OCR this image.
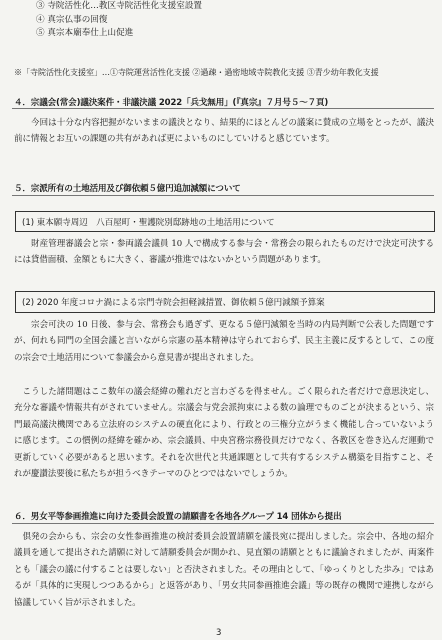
③ 寺院活性化…教区寺院活性化支援室設置
④ 真宗仏事の回復
⑤ 真宗本廟奉仕上山促進
※「寺院活性化支援室」…①寺院運営活性化支援 ②過疎・過密地域寺院教化支援 ③青少幼年教化支援
４．宗議会(常会)議決案件・非議決議 2022「兵戈無用」(『真宗』７月号５～７頁)
今回は十分な内容把握がないままの議決となり、結果的にほとんどの議案に賛成の立場をとったが、議決前に情報とお互いの課題の共有があれば更によいものにしていけると感じています。
５．宗派所有の土地活用及び御依頼５億円追加減額について
(1) 東本願寺周辺　八百屋町・聖護院別邸跡地の土地活用について
財産管理審議会と宗・参両議会議員 10 人で構成する参与会・常務会の限られたものだけで決定可決するには貸借面積、金額ともに大きく、審議が推進ではないかという問題があります。
(2) 2020 年度コロナ渦による宗門寺院会担軽減措置、御依頼５億円減額予算案
宗会可決の 10 日後、参与会、常務会も過ぎず、更なる５億円減額を当時の内局判断で公表した問題ですが、何れも同門の全国会議と言いながら宗憲の基本精神は守られておらず、民主主義に反するとして、この度の宗会で土地活用について参議会から意見書が提出されました。
こうした諸問題はここ数年の議会経緯の難れだと言わざるを得ません。ごく限られた者だけで意思決定し、充分な審議や情報共有がされていません。宗議会与党会派拘束による数の論理でものごとが決まるという、宗門最高議決機関である立法府のシステムの硬直化により、行政との三権分立がうまく機能し合っていないように感じます。この慣例の経緯を確かめ、宗会議員、中央宮務宗務役員だけでなく、各教区を巻き込んだ運動で更新していく必要があると思います。それを次世代と共通課題として共有するシステム構築を目指すこと、それが慶讃法要後に私たちが担うべきテーマのひとつではないでしょうか。
６．男女平等参画推進に向けた委員会設置の請願書を各地各グループ 14 団体から提出
倶発の会からも、宗会の女性参画推進の検討委員会設置請願を議長宛に提出しました。宗会中、各地の紹介議員を通して提出された請願に対して請願委員会が開かれ、見直額の請願とともに議論されましたが、両案件とも「議会の議に付することは要しない」と否決されました。その理由として、「ゆっくりとした歩み」ではあるが「具体的に実現しつつあるから」と返答があり、「男女共同参画推進会議」等の既存の機関で連携しながら協議していく旨が示されました。
3
